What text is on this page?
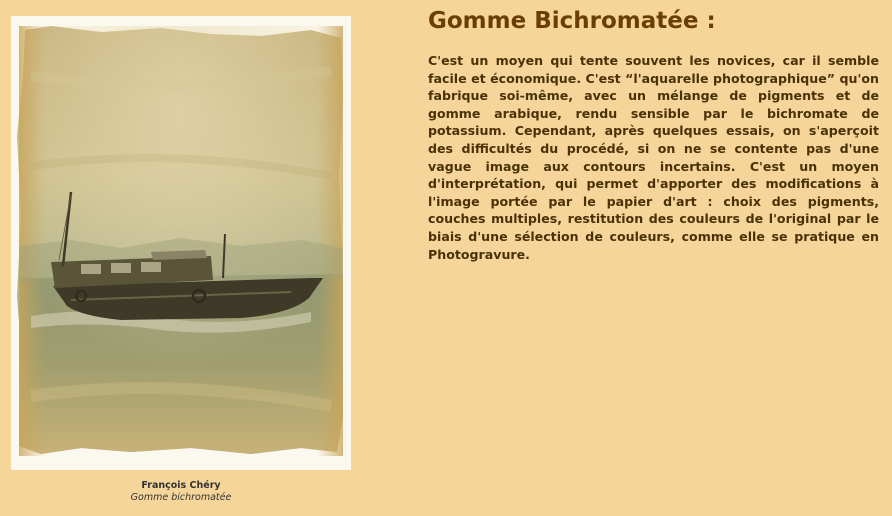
François Chéry
Gomme bichromatée
Gomme Bichromatée :

C'est un moyen qui tente souvent les novices, car il semble facile et économique. C'est “l'aquarelle photographique” qu'on fabrique soi-même, avec un mélange de pigments et de gomme arabique, rendu sensible par le bichromate de potassium. Cependant, après quelques essais, on s'aperçoit des difficultés du procédé, si on ne se contente pas d'une vague image aux contours incertains. C'est un moyen d'interprétation, qui permet d'apporter des modifications à l'image portée par le papier d'art : choix des pigments, couches multiples, restitution des couleurs de l'original par le biais d'une sélection de couleurs, comme elle se pratique en Photogravure.
